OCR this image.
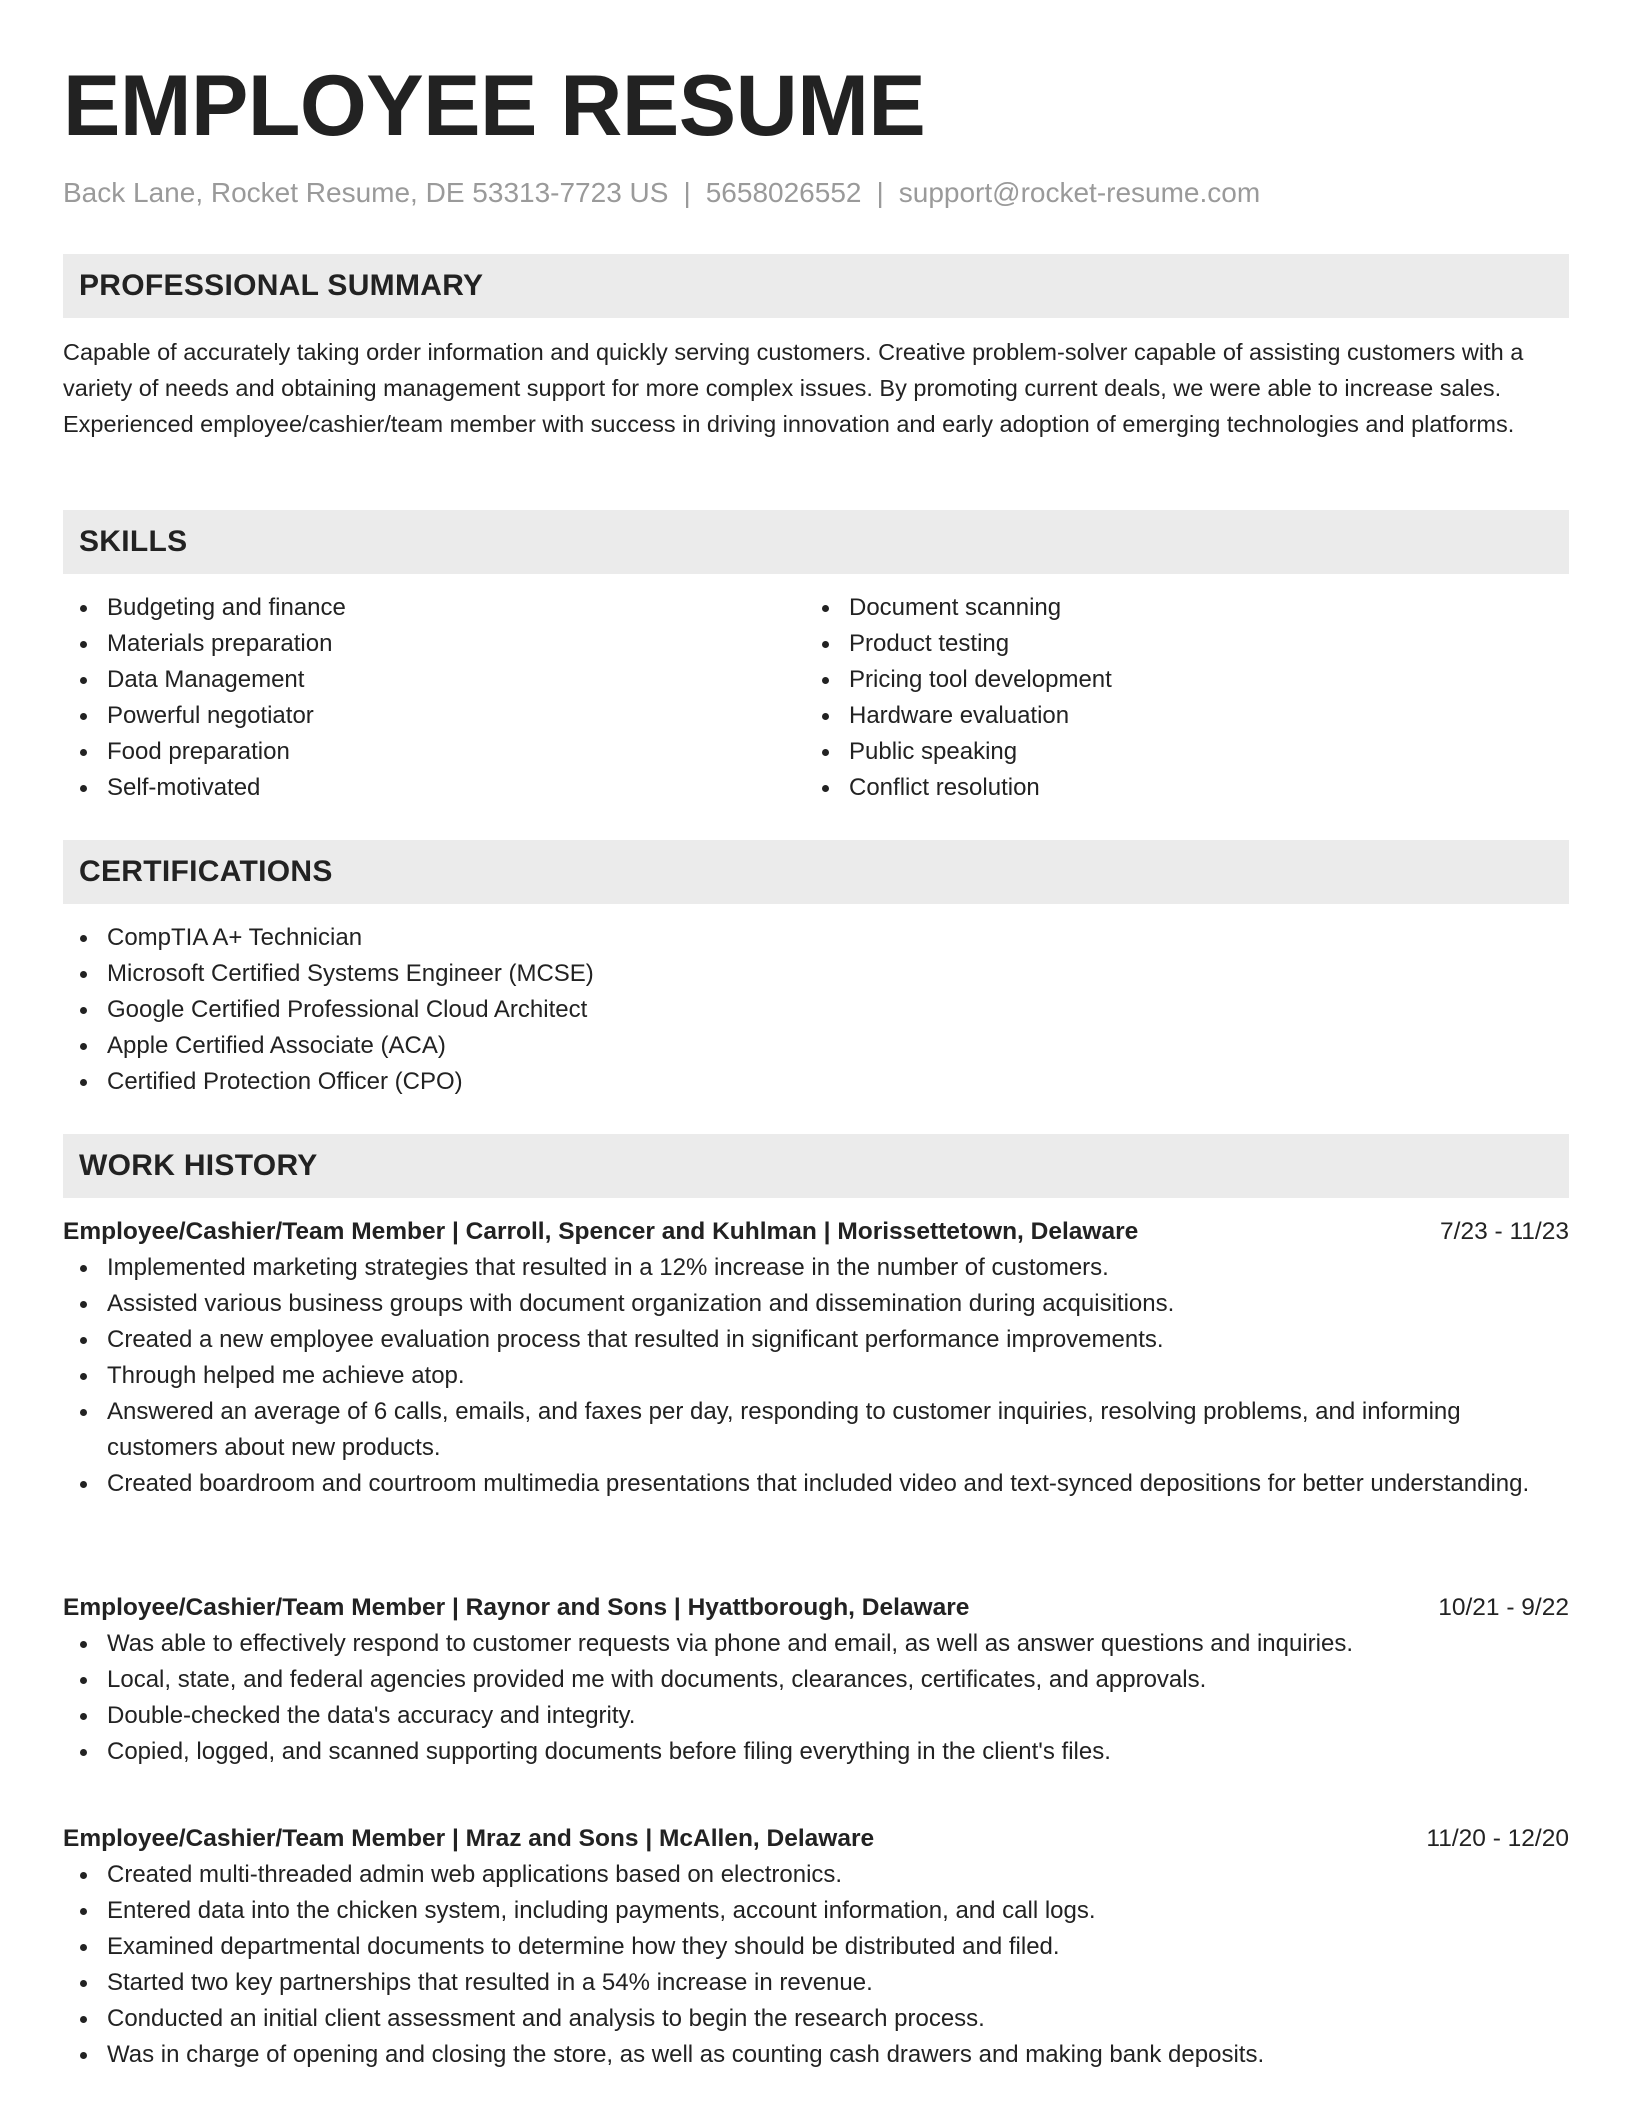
EMPLOYEE RESUME
Back Lane, Rocket Resume, DE 53313-7723 US | 5658026552 | support@rocket-resume.com
PROFESSIONAL SUMMARY

Capable of accurately taking order information and quickly serving customers. Creative problem-solver capable of assisting customers with a variety of needs and obtaining management support for more complex issues. By promoting current deals, we were able to increase sales. Experienced employee/cashier/team member with success in driving innovation and early adoption of emerging technologies and platforms.

SKILLS
Budgeting and finance
Materials preparation
Data Management
Powerful negotiator
Food preparation
Self-motivated
Document scanning
Product testing
Pricing tool development
Hardware evaluation
Public speaking
Conflict resolution
CERTIFICATIONS
CompTIA A+ Technician
Microsoft Certified Systems Engineer (MCSE)
Google Certified Professional Cloud Architect
Apple Certified Associate (ACA)
Certified Protection Officer (CPO)
WORK HISTORY
Employee/Cashier/Team Member | Carroll, Spencer and Kuhlman | Morissettetown, Delaware	7/23 - 11/23
Implemented marketing strategies that resulted in a 12% increase in the number of customers.
Assisted various business groups with document organization and dissemination during acquisitions.
Created a new employee evaluation process that resulted in significant performance improvements.
Through helped me achieve atop.
Answered an average of 6 calls, emails, and faxes per day, responding to customer inquiries, resolving problems, and informing customers about new products.
Created boardroom and courtroom multimedia presentations that included video and text-synced depositions for better understanding.
Employee/Cashier/Team Member | Raynor and Sons | Hyattborough, Delaware	10/21 - 9/22
Was able to effectively respond to customer requests via phone and email, as well as answer questions and inquiries.
Local, state, and federal agencies provided me with documents, clearances, certificates, and approvals.
Double-checked the data's accuracy and integrity.
Copied, logged, and scanned supporting documents before filing everything in the client's files.
Employee/Cashier/Team Member | Mraz and Sons | McAllen, Delaware	11/20 - 12/20
Created multi-threaded admin web applications based on electronics.
Entered data into the chicken system, including payments, account information, and call logs.
Examined departmental documents to determine how they should be distributed and filed.
Started two key partnerships that resulted in a 54% increase in revenue.
Conducted an initial client assessment and analysis to begin the research process.
Was in charge of opening and closing the store, as well as counting cash drawers and making bank deposits.
